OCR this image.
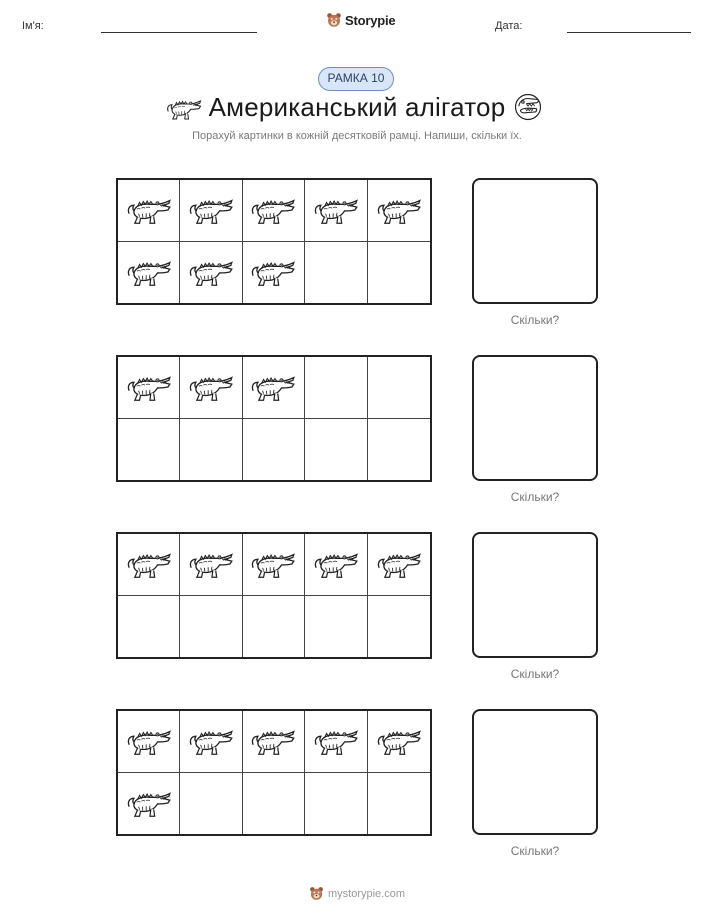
Ім'я:	Storypie	Дата:
РАМКА 10
Американський алігатор
Порахуй картинки в кожній десятковій рамці. Напиши, скільки їх.
Скільки?
Скільки?
Скільки?
Скільки?
mystorypie.com
